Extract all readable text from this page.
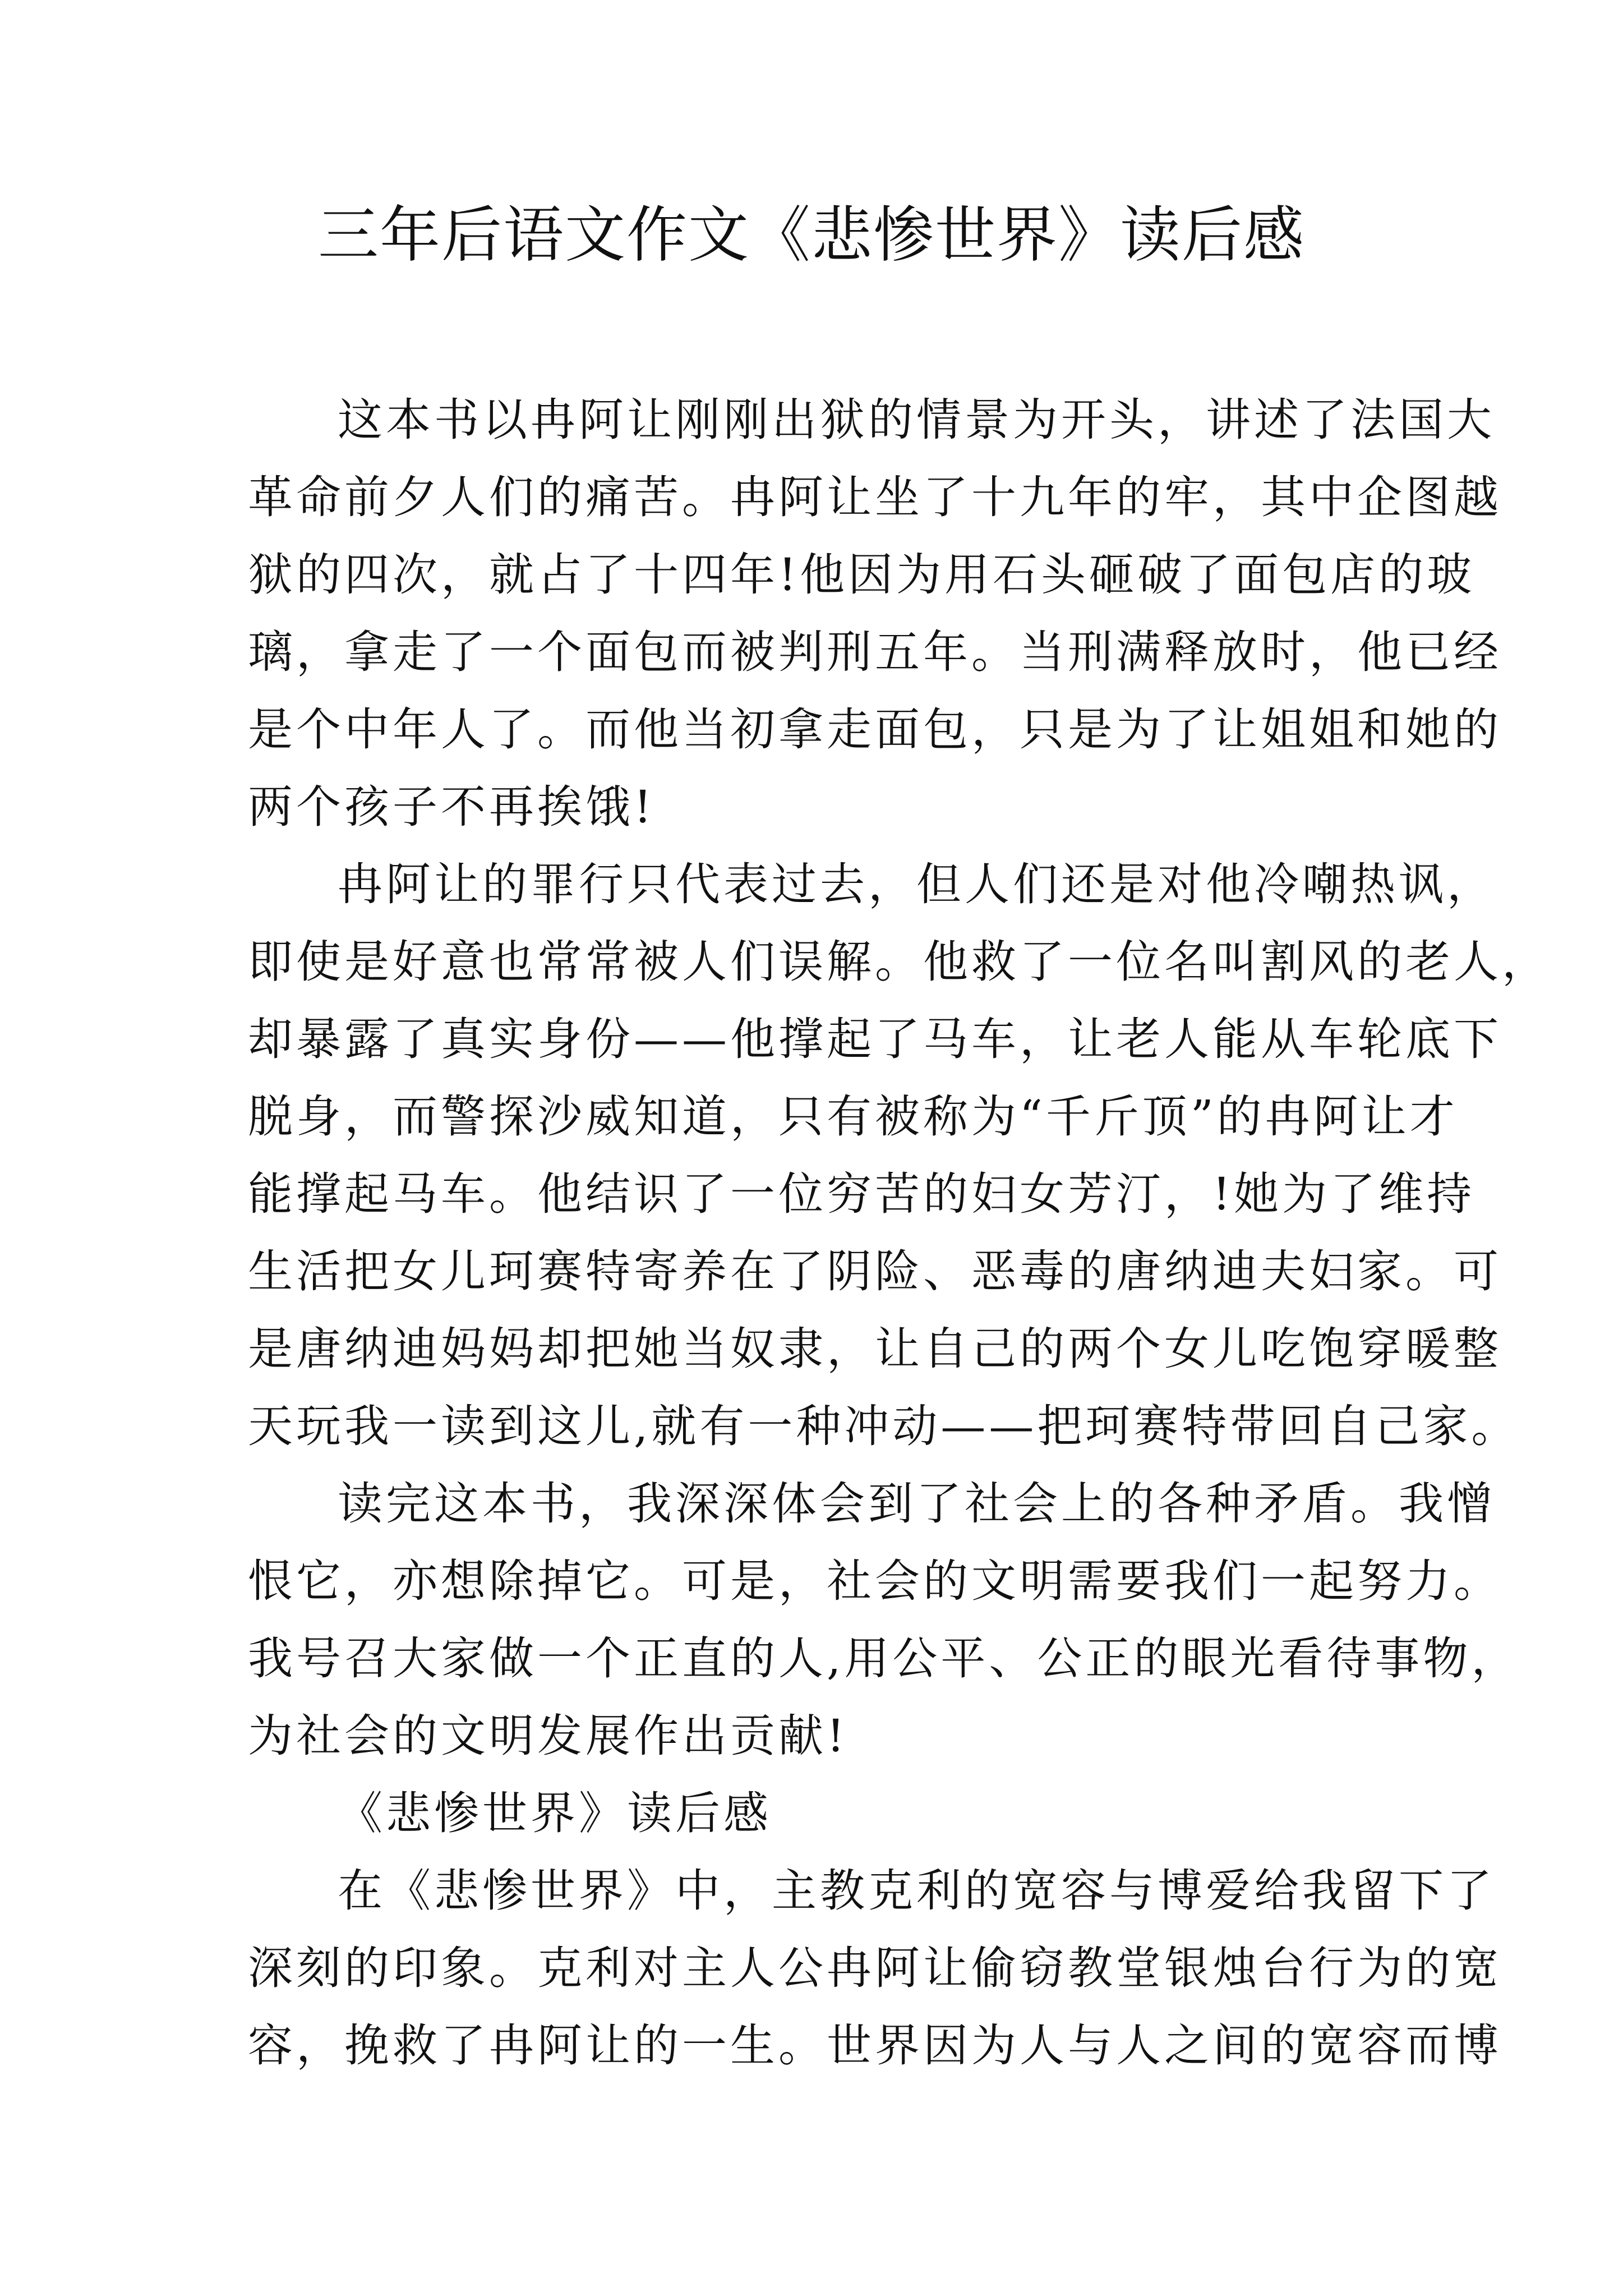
三年后语文作文《悲惨世界》读后感
这本书以冉阿让刚刚出狱的情景为开头，讲述了法国大
革命前夕人们的痛苦。冉阿让坐了十九年的牢，其中企图越
狱的四次，就占了十四年!他因为用石头砸破了面包店的玻
璃，拿走了一个面包而被判刑五年。当刑满释放时，他已经
是个中年人了。而他当初拿走面包，只是为了让姐姐和她的
两个孩子不再挨饿!
冉阿让的罪行只代表过去，但人们还是对他冷嘲热讽，
即使是好意也常常被人们误解。他救了一位名叫割风的老人，
却暴露了真实身份——他撑起了马车，让老人能从车轮底下
脱身，而警探沙威知道，只有被称为“千斤顶”的冉阿让才
能撑起马车。他结识了一位穷苦的妇女芳汀，!她为了维持
生活把女儿珂赛特寄养在了阴险、恶毒的唐纳迪夫妇家。可
是唐纳迪妈妈却把她当奴隶，让自己的两个女儿吃饱穿暖整
天玩我一读到这儿,就有一种冲动——把珂赛特带回自己家。
读完这本书，我深深体会到了社会上的各种矛盾。我憎
恨它，亦想除掉它。可是，社会的文明需要我们一起努力。
我号召大家做一个正直的人,用公平、公正的眼光看待事物，
为社会的文明发展作出贡献!
《悲惨世界》读后感
在《悲惨世界》中，主教克利的宽容与博爱给我留下了
深刻的印象。克利对主人公冉阿让偷窃教堂银烛台行为的宽
容，挽救了冉阿让的一生。世界因为人与人之间的宽容而博
